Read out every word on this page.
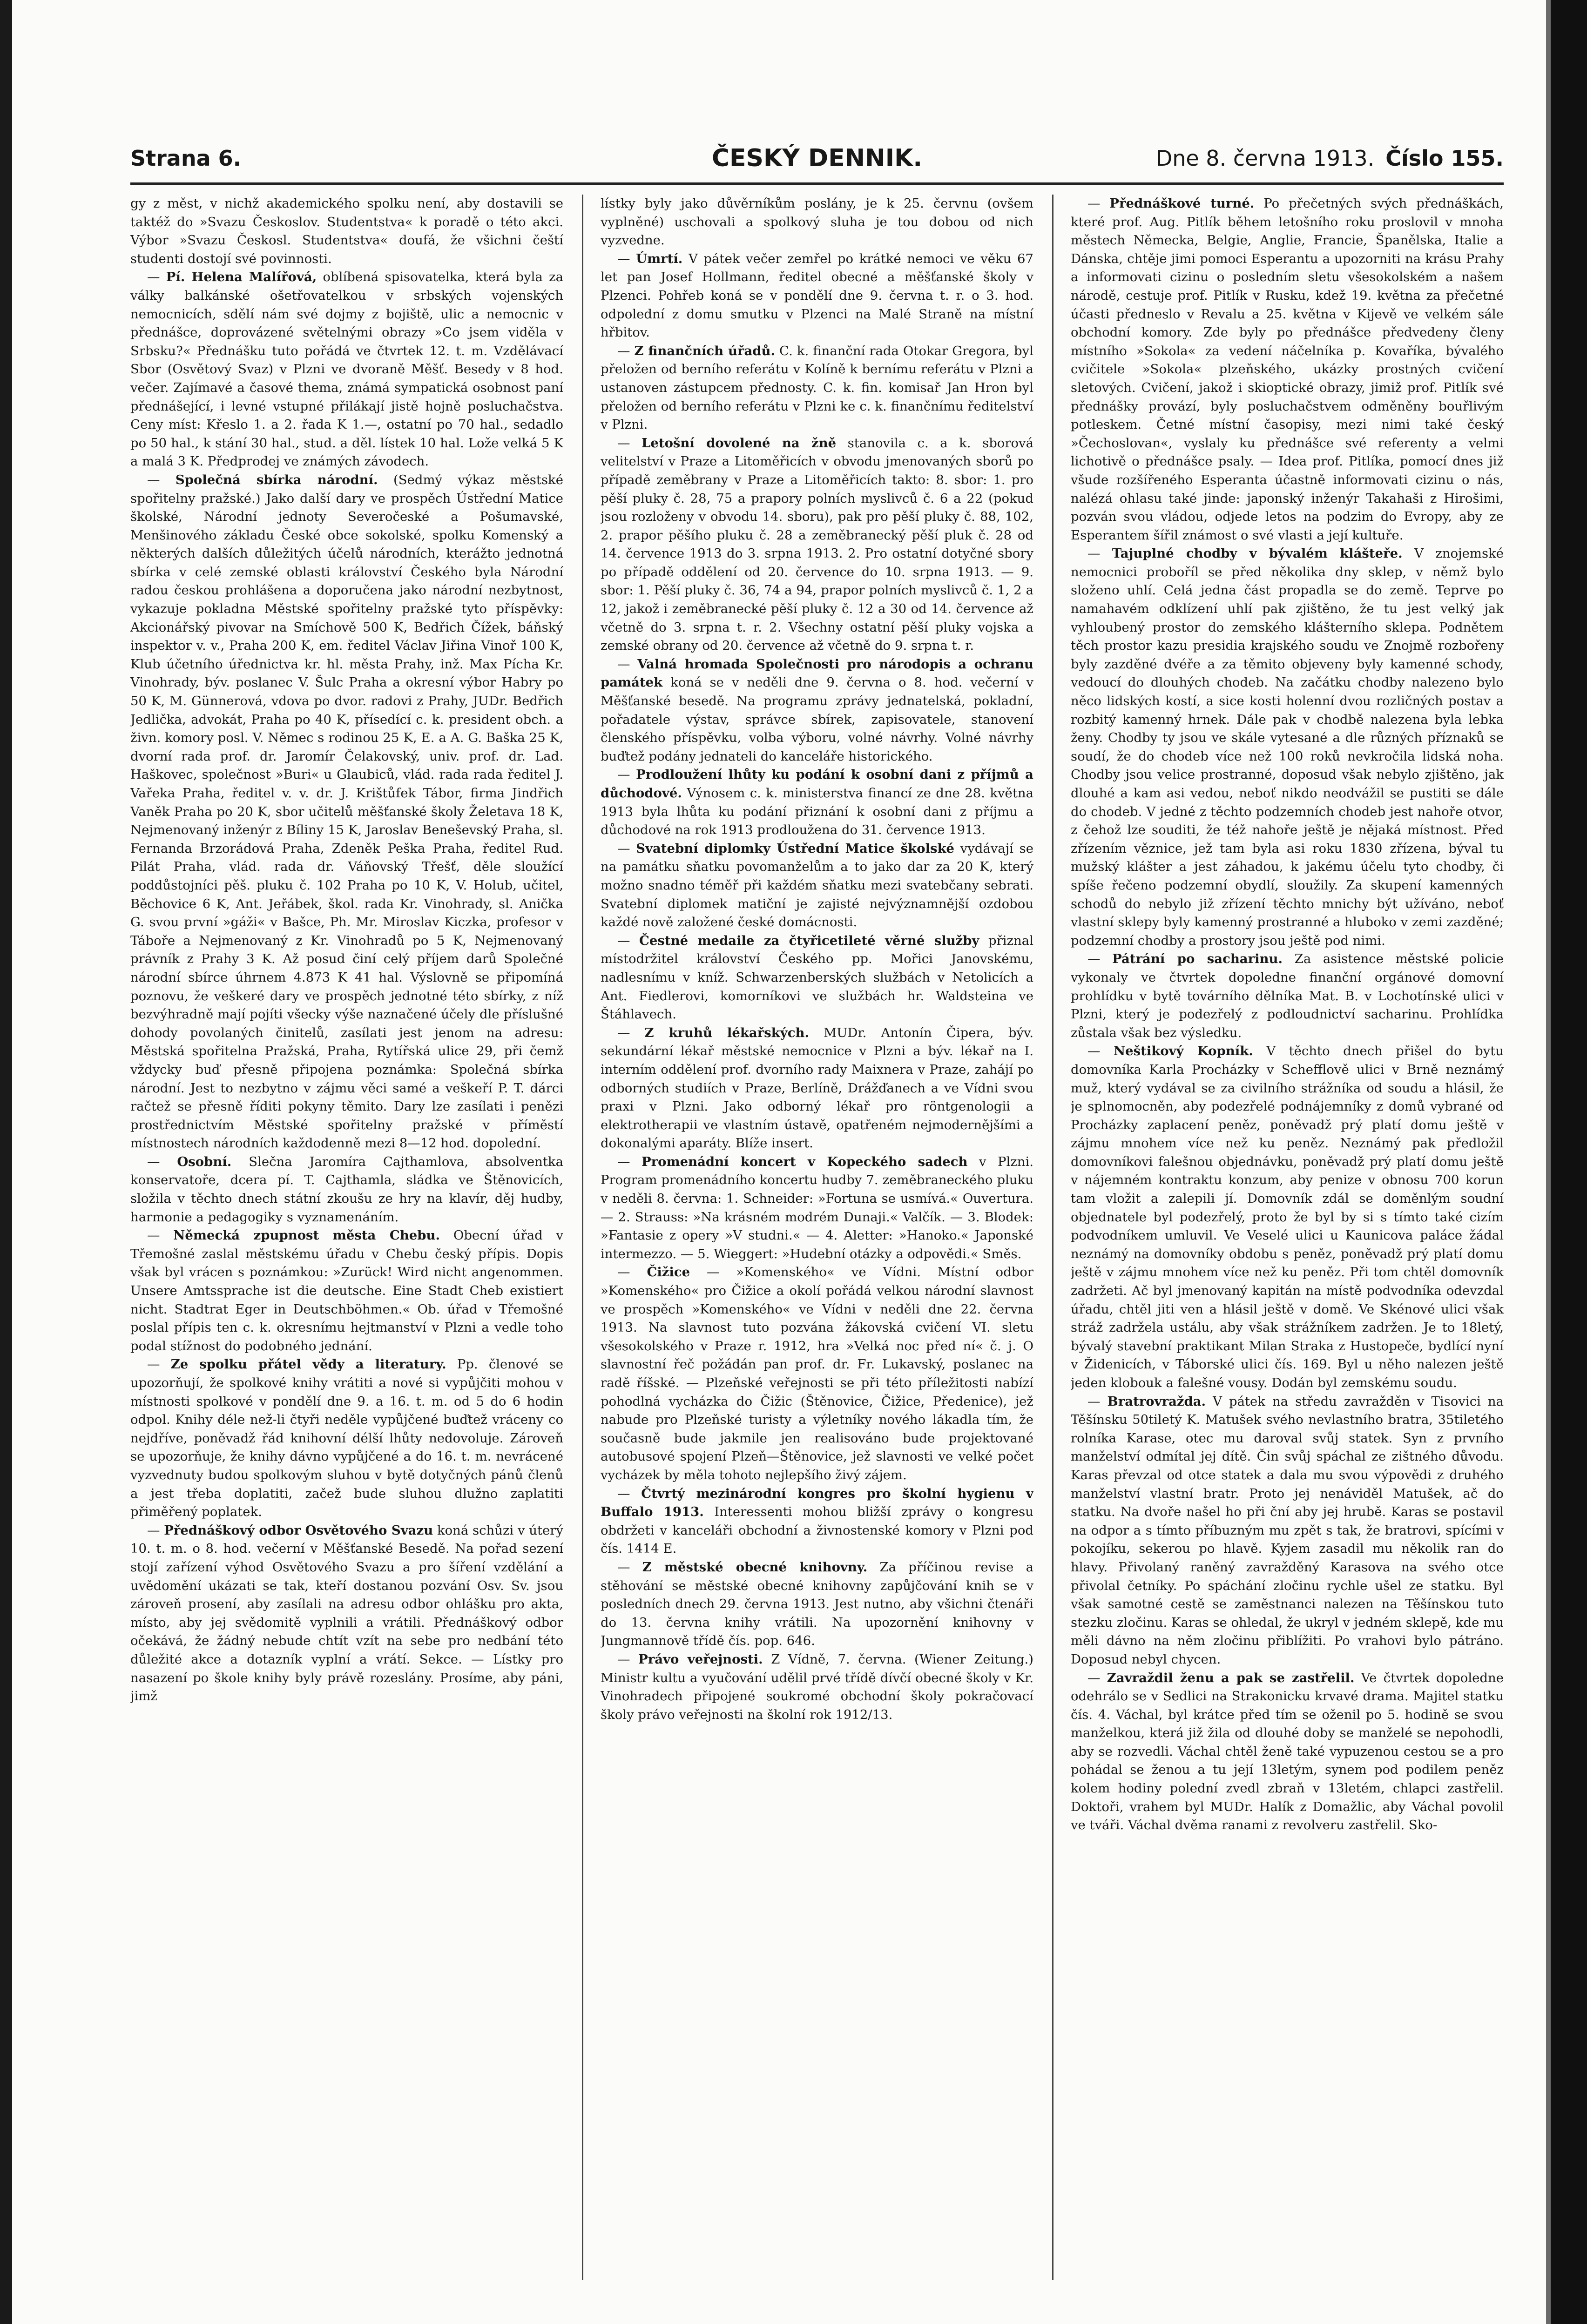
Strana 6.	ČESKÝ DENNIK.	Dne 8. června 1913. Číslo 155.

gy z měst, v nichž akademického spolku není, aby dostavili se taktéž do »Svazu Českoslov. Studentstva« k poradě o této akci. Výbor »Svazu Českosl. Studentstva« doufá, že všichni čeští studenti dostojí své povinnosti.

— Pí. Helena Malířová, oblíbená spisovatelka, která byla za války balkánské ošetřovatelkou v srbských vojenských nemocnicích, sdělí nám své dojmy z bojiště, ulic a nemocnic v přednášce, doprovázené světelnými obrazy »Co jsem viděla v Srbsku?« Přednášku tuto pořádá ve čtvrtek 12. t. m. Vzdělávací Sbor (Osvětový Svaz) v Plzni ve dvoraně Měšť. Besedy v 8 hod. večer. Zajímavé a časové thema, známá sympatická osobnost paní přednášející, i levné vstupné přilákají jistě hojně posluchačstva. Ceny míst: Křeslo 1. a 2. řada K 1.—, ostatní po 70 hal., sedadlo po 50 hal., k stání 30 hal., stud. a děl. lístek 10 hal. Lože velká 5 K a malá 3 K. Předprodej ve známých závodech.

— Společná sbírka národní. (Sedmý výkaz městské spořitelny pražské.) Jako další dary ve prospěch Ústřední Matice školské, Národní jednoty Severočeské a Pošumavské, Menšinového základu České obce sokolské, spolku Komenský a některých dalších důležitých účelů národních, kterážto jednotná sbírka v celé zemské oblasti království Českého byla Národní radou českou prohlášena a doporučena jako národní nezbytnost, vykazuje pokladna Městské spořitelny pražské tyto příspěvky: Akcionářský pivovar na Smíchově 500 K, Bedřich Čížek, báňský inspektor v. v., Praha 200 K, em. ředitel Václav Jiřina Vinoř 100 K, Klub účetního úřednictva kr. hl. města Prahy, inž. Max Pícha Kr. Vinohrady, býv. poslanec V. Šulc Praha a okresní výbor Habry po 50 K, M. Günnerová, vdova po dvor. radovi z Prahy, JUDr. Bedřich Jedlička, advokát, Praha po 40 K, přísedící c. k. president obch. a živn. komory posl. V. Němec s rodinou 25 K, E. a A. G. Baška 25 K, dvorní rada prof. dr. Jaromír Čelakovský, univ. prof. dr. Lad. Haškovec, společnost »Buri« u Glaubiců, vlád. rada rada ředitel J. Vařeka Praha, ředitel v. v. dr. J. Krištůfek Tábor, firma Jindřich Vaněk Praha po 20 K, sbor učitelů měšťanské školy Želetava 18 K, Nejmenovaný inženýr z Bíliny 15 K, Jaroslav Beneševský Praha, sl. Fernanda Brzorádová Praha, Zdeněk Peška Praha, ředitel Rud. Pilát Praha, vlád. rada dr. Váňovský Třešť, děle sloužící poddůstojníci pěš. pluku č. 102 Praha po 10 K, V. Holub, učitel, Běchovice 6 K, Ant. Jeřábek, škol. rada Kr. Vinohrady, sl. Anička G. svou první »gáži« v Bašce, Ph. Mr. Miroslav Kiczka, profesor v Táboře a Nejmenovaný z Kr. Vinohradů po 5 K, Nejmenovaný právník z Prahy 3 K. Až posud činí celý příjem darů Společné národní sbírce úhrnem 4.873 K 41 hal. Výslovně se připomíná poznovu, že veškeré dary ve prospěch jednotné této sbírky, z níž bezvýhradně mají pojíti všecky výše naznačené účely dle příslušné dohody povolaných činitelů, zasílati jest jenom na adresu: Městská spořitelna Pražská, Praha, Rytířská ulice 29, při čemž vždycky buď přesně připojena poznámka: Společná sbírka národní. Jest to nezbytno v zájmu věci samé a veškeří P. T. dárci račtež se přesně říditi pokyny těmito. Dary lze zasílati i penězi prostřednictvím Městské spořitelny pražské v příměstí místnostech národních každodenně mezi 8—12 hod. dopolední.

— Osobní. Slečna Jaromíra Cajthamlova, absolventka konservatoře, dcera pí. T. Cajthamla, sládka ve Štěnovicích, složila v těchto dnech státní zkoušu ze hry na klavír, děj hudby, harmonie a pedagogiky s vyznamenáním.

— Německá zpupnost města Chebu. Obecní úřad v Třemošné zaslal městskému úřadu v Chebu český přípis. Dopis však byl vrácen s poznámkou: »Zurück! Wird nicht angenommen. Unsere Amtssprache ist die deutsche. Eine Stadt Cheb existiert nicht. Stadtrat Eger in Deutschböhmen.« Ob. úřad v Třemošné poslal přípis ten c. k. okresnímu hejtmanství v Plzni a vedle toho podal stížnost do podobného jednání.

— Ze spolku přátel vědy a literatury. Pp. členové se upozorňují, že spolkové knihy vrátiti a nové si vypůjčiti mohou v místnosti spolkové v pondělí dne 9. a 16. t. m. od 5 do 6 hodin odpol. Knihy déle než-li čtyři neděle vypůjčené buďtež vráceny co nejdříve, poněvadž řád knihovní délší lhůty nedovoluje. Zároveň se upozorňuje, že knihy dávno vypůjčené a do 16. t. m. nevrácené vyzvednuty budou spolkovým sluhou v bytě dotyčných pánů členů a jest třeba doplatiti, začež bude sluhou dlužno zaplatiti přiměřený poplatek.

— Přednáškový odbor Osvětového Svazu koná schůzi v úterý 10. t. m. o 8. hod. večerní v Měšťanské Besedě. Na pořad sezení stojí zařízení výhod Osvětového Svazu a pro šíření vzdělání a uvědomění ukázati se tak, kteří dostanou pozvání Osv. Sv. jsou zároveň prosení, aby zasílali na adresu odbor ohlášku pro akta, místo, aby jej svědomitě vyplnili a vrátili. Přednáškový odbor očekává, že žádný nebude chtít vzít na sebe pro nedbání této důležité akce a dotazník vyplní a vrátí. Sekce. — Lístky pro nasazení po škole knihy byly právě rozeslány. Prosíme, aby páni, jimž

lístky byly jako důvěrníkům poslány, je k 25. červnu (ovšem vyplněné) uschovali a spolkový sluha je tou dobou od nich vyzvedne.

— Úmrtí. V pátek večer zemřel po krátké nemoci ve věku 67 let pan Josef Hollmann, ředitel obecné a měšťanské školy v Plzenci. Pohřeb koná se v pondělí dne 9. června t. r. o 3. hod. odpolední z domu smutku v Plzenci na Malé Straně na místní hřbitov.

— Z finančních úřadů. C. k. finanční rada Otokar Gregora, byl přeložen od berního referátu v Kolíně k bernímu referátu v Plzni a ustanoven zástupcem přednosty. C. k. fin. komisař Jan Hron byl přeložen od berního referátu v Plzni ke c. k. finančnímu ředitelství v Plzni.

— Letošní dovolené na žně stanovila c. a k. sborová velitelství v Praze a Litoměřicích v obvodu jmenovaných sborů po případě zeměbrany v Praze a Litoměřicích takto: 8. sbor: 1. pro pěší pluky č. 28, 75 a prapory polních myslivců č. 6 a 22 (pokud jsou rozloženy v obvodu 14. sboru), pak pro pěší pluky č. 88, 102, 2. prapor pěšího pluku č. 28 a zeměbranecký pěší pluk č. 28 od 14. července 1913 do 3. srpna 1913. 2. Pro ostatní dotyčné sbory po případě oddělení od 20. července do 10. srpna 1913. — 9. sbor: 1. Pěší pluky č. 36, 74 a 94, prapor polních myslivců č. 1, 2 a 12, jakož i zeměbranecké pěší pluky č. 12 a 30 od 14. července až včetně do 3. srpna t. r. 2. Všechny ostatní pěší pluky vojska a zemské obrany od 20. července až včetně do 9. srpna t. r.

— Valná hromada Společnosti pro národopis a ochranu památek koná se v neděli dne 9. června o 8. hod. večerní v Měšťanské besedě. Na programu zprávy jednatelská, pokladní, pořadatele výstav, správce sbírek, zapisovatele, stanovení členského příspěvku, volba výboru, volné návrhy. Volné návrhy buďtež podány jednateli do kanceláře historického.

— Prodloužení lhůty ku podání k osobní dani z příjmů a důchodové. Výnosem c. k. ministerstva financí ze dne 28. května 1913 byla lhůta ku podání přiznání k osobní dani z příjmu a důchodové na rok 1913 prodloužena do 31. července 1913.

— Svatební diplomky Ústřední Matice školské vydávají se na památku sňatku povomanželům a to jako dar za 20 K, který možno snadno téměř při každém sňatku mezi svatebčany sebrati. Svatební diplomek matiční je zajisté nejvýznamnější ozdobou každé nově založené české domácnosti.

— Čestné medaile za čtyřicetileté věrné služby přiznal místodržitel království Českého pp. Mořici Janovskému, nadlesnímu v kníž. Schwarzenberských službách v Netolicích a Ant. Fiedlerovi, komorníkovi ve službách hr. Waldsteina ve Štáhlavech.

— Z kruhů lékařských. MUDr. Antonín Čipera, býv. sekundární lékař městské nemocnice v Plzni a býv. lékař na I. interním oddělení prof. dvorního rady Maixnera v Praze, zahájí po odborných studiích v Praze, Berlíně, Drážďanech a ve Vídni svou praxi v Plzni. Jako odborný lékař pro röntgenologii a elektrotherapii ve vlastním ústavě, opatřeném nejmodernějšími a dokonalými aparáty. Blíže insert.

— Promenádní koncert v Kopeckého sadech v Plzni. Program promenádního koncertu hudby 7. zeměbraneckého pluku v neděli 8. června: 1. Schneider: »Fortuna se usmívá.« Ouvertura. — 2. Strauss: »Na krásném modrém Dunaji.« Valčík. — 3. Blodek: »Fantasie z opery »V studni.« — 4. Aletter: »Hanoko.« Japonské intermezzo. — 5. Wieggert: »Hudební otázky a odpovědi.« Směs.

— Čižice — »Komenského« ve Vídni. Místní odbor »Komenského« pro Čižice a okolí pořádá velkou národní slavnost ve prospěch »Komenského« ve Vídni v neděli dne 22. června 1913. Na slavnost tuto pozvána žákovská cvičení VI. sletu všesokolského v Praze r. 1912, hra »Velká noc před ní« č. j. O slavnostní řeč požádán pan prof. dr. Fr. Lukavský, poslanec na radě říšské. — Plzeňské veřejnosti se při této příležitosti nabízí pohodlná vycházka do Čižic (Štěnovice, Čižice, Předenice), jež nabude pro Plzeňské turisty a výletníky nového lákadla tím, že současně bude jakmile jen realisováno bude projektované autobusové spojení Plzeň—Štěnovice, jež slavnosti ve velké počet vycházek by měla tohoto nejlepšího živý zájem.

— Čtvrtý mezinárodní kongres pro školní hygienu v Buffalo 1913. Interessenti mohou bližší zprávy o kongresu obdržeti v kanceláři obchodní a živnostenské komory v Plzni pod čís. 1414 E.

— Z městské obecné knihovny. Za příčinou revise a stěhování se městské obecné knihovny zapůjčování knih se v posledních dnech 29. června 1913. Jest nutno, aby všichni čtenáři do 13. června knihy vrátili. Na upozornění knihovny v Jungmannově třídě čís. pop. 646.

— Právo veřejnosti. Z Vídně, 7. června. (Wiener Zeitung.) Ministr kultu a vyučování udělil prvé třídě dívčí obecné školy v Kr. Vinohradech připojené soukromé obchodní školy pokračovací školy právo veřejnosti na školní rok 1912/13.

— Přednáškové turné. Po přečetných svých přednáškách, které prof. Aug. Pitlík během letošního roku proslovil v mnoha městech Německa, Belgie, Anglie, Francie, Španělska, Italie a Dánska, chtěje jimi pomoci Esperantu a upozorniti na krásu Prahy a informovati cizinu o posledním sletu všesokolském a našem národě, cestuje prof. Pitlík v Rusku, kdež 19. května za přečetné účasti předneslo v Revalu a 25. května v Kijevě ve velkém sále obchodní komory. Zde byly po přednášce předvedeny členy místního »Sokola« za vedení náčelníka p. Kovaříka, bývalého cvičitele »Sokola« plzeňského, ukázky prostných cvičení sletových. Cvičení, jakož i skioptické obrazy, jimiž prof. Pitlík své přednášky provází, byly posluchačstvem odměněny bouřlivým potleskem. Četné místní časopisy, mezi nimi také český »Čechoslovan«, vyslaly ku přednášce své referenty a velmi lichotivě o přednášce psaly. — Idea prof. Pitlíka, pomocí dnes již všude rozšířeného Esperanta účastně informovati cizinu o nás, nalézá ohlasu také jinde: japonský inženýr Takahaši z Hirošimi, pozván svou vládou, odjede letos na podzim do Evropy, aby ze Esperantem šířil známost o své vlasti a její kultuře.

— Tajuplné chodby v bývalém klášteře. V znojemské nemocnici proboříl se před několika dny sklep, v němž bylo složeno uhlí. Celá jedna část propadla se do země. Teprve po namahavém odklízení uhlí pak zjištěno, že tu jest velký jak vyhloubený prostor do zemského klášterního sklepa. Podnětem těch prostor kazu presidia krajského soudu ve Znojmě rozbořeny byly zazděné dvéře a za těmito objeveny byly kamenné schody, vedoucí do dlouhých chodeb. Na začátku chodby nalezeno bylo něco lidských kostí, a sice kosti holenní dvou rozličných postav a rozbitý kamenný hrnek. Dále pak v chodbě nalezena byla lebka ženy. Chodby ty jsou ve skále vytesané a dle různých příznaků se soudí, že do chodeb více než 100 roků nevkročila lidská noha. Chodby jsou velice prostranné, doposud však nebylo zjištěno, jak dlouhé a kam asi vedou, neboť nikdo neodvážil se pustiti se dále do chodeb. V jedné z těchto podzemních chodeb jest nahoře otvor, z čehož lze souditi, že též nahoře ještě je nějaká místnost. Před zřízením věznice, jež tam byla asi roku 1830 zřízena, býval tu mužský klášter a jest záhadou, k jakému účelu tyto chodby, či spíše řečeno podzemní obydlí, sloužily. Za skupení kamenných schodů do nebylo již zřízení těchto mnichy být užíváno, neboť vlastní sklepy byly kamenný prostranné a hluboko v zemi zazděné; podzemní chodby a prostory jsou ještě pod nimi.

— Pátrání po sacharinu. Za asistence městské policie vykonaly ve čtvrtek dopoledne finanční orgánové domovní prohlídku v bytě továrního dělníka Mat. B. v Lochotínské ulici v Plzni, který je podezřelý z podloudnictví sacharinu. Prohlídka zůstala však bez výsledku.

— Neštikový Kopník. V těchto dnech přišel do bytu domovníka Karla Procházky v Schefflově ulici v Brně neznámý muž, který vydával se za civilního strážníka od soudu a hlásil, že je splnomocněn, aby podezřelé podnájemníky z domů vybrané od Procházky zaplacení peněz, poněvadž prý platí domu ještě v zájmu mnohem více než ku peněz. Neznámý pak předložil domovníkovi falešnou objednávku, poněvadž prý platí domu ještě v nájemném kontraktu konzum, aby penize v obnosu 700 korun tam vložit a zalepili jí. Domovník zdál se doměnlým soudní objednatele byl podezřelý, proto že byl by si s tímto také cizím podvodníkem umluvil. Ve Veselé ulici u Kaunicova paláce žádal neznámý na domovníky obdobu s peněz, poněvadž prý platí domu ještě v zájmu mnohem více než ku peněz. Při tom chtěl domovník zadržeti. Ač byl jmenovaný kapitán na místě podvodníka odevzdal úřadu, chtěl jiti ven a hlásil ještě v domě. Ve Skénové ulici však stráž zadržela ustálu, aby však strážníkem zadržen. Je to 18letý, bývalý stavební praktikant Milan Straka z Hustopeče, bydlící nyní v Židenicích, v Táborské ulici čís. 169. Byl u něho nalezen ještě jeden klobouk a falešné vousy. Dodán byl zemskému soudu.

— Bratrovražda. V pátek na středu zavražděn v Tisovici na Těšínsku 50tiletý K. Matušek svého nevlastního bratra, 35tiletého rolníka Karase, otec mu daroval svůj statek. Syn z prvního manželství odmítal jej dítě. Čin svůj spáchal ze zištného důvodu. Karas převzal od otce statek a dala mu svou výpovědi z druhého manželství vlastní bratr. Proto jej nenáviděl Matušek, ač do statku. Na dvoře našel ho při ční aby jej hrubě. Karas se postavil na odpor a s tímto příbuzným mu zpět s tak, že bratrovi, spícími v pokojíku, sekerou po hlavě. Kyjem zasadil mu několik ran do hlavy. Přivolaný raněný zavražděný Karasova na svého otce přivolal četníky. Po spáchání zločinu rychle ušel ze statku. Byl však samotné cestě se zaměstnanci nalezen na Těšínskou tuto stezku zločinu. Karas se ohledal, že ukryl v jedném sklepě, kde mu měli dávno na něm zločinu přiblížiti. Po vrahovi bylo pátráno. Doposud nebyl chycen.

— Zavraždil ženu a pak se zastřelil. Ve čtvrtek dopoledne odehrálo se v Sedlici na Strakonicku krvavé drama. Majitel statku čís. 4. Váchal, byl krátce před tím se oženil po 5. hodině se svou manželkou, která již žila od dlouhé doby se manželé se nepohodli, aby se rozvedli. Váchal chtěl ženě také vypuzenou cestou se a pro pohádal se ženou a tu její 13letým, synem pod podilem peněz kolem hodiny polední zvedl zbraň v 13letém, chlapci zastřelil. Doktoři, vrahem byl MUDr. Halík z Domažlic, aby Váchal povolil ve tváři. Váchal dvěma ranami z revolveru zastřelil. Sko-
